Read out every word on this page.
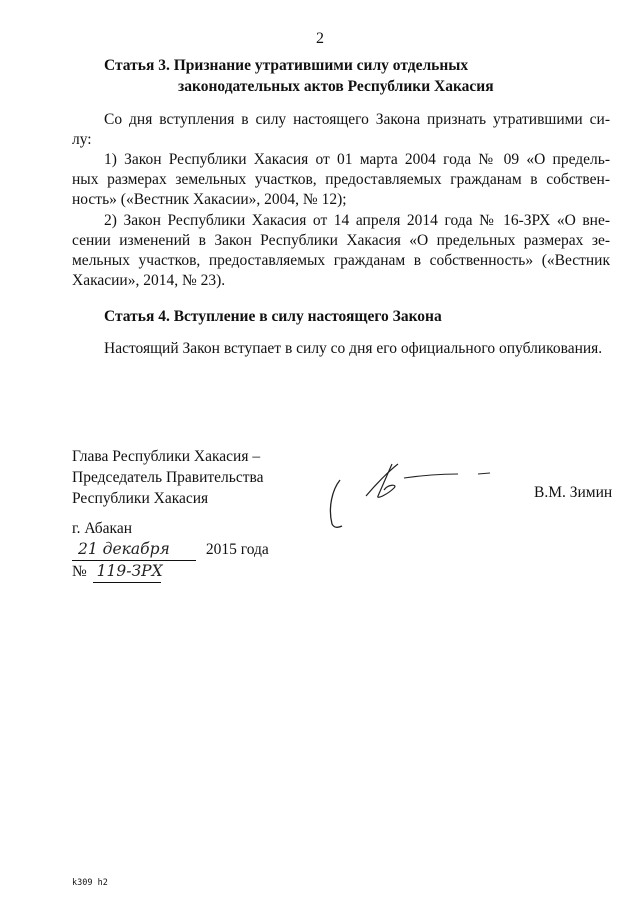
2
Статья 3. Признание утратившими силу отдельных
законодательных актов Республики Хакасия
Со дня вступления в силу настоящего Закона признать утратившими си-
лу:
1) Закон Республики Хакасия от 01 марта 2004 года № 09 «О предель-
ных размерах земельных участков, предоставляемых гражданам в собствен-
ность» («Вестник Хакасии», 2004, № 12);
2) Закон Республики Хакасия от 14 апреля 2014 года № 16-ЗРХ «О вне-
сении изменений в Закон Республики Хакасия «О предельных размерах зе-
мельных участков, предоставляемых гражданам в собственность» («Вестник
Хакасии», 2014, № 23).
Статья 4. Вступление в силу настоящего Закона
Настоящий Закон вступает в силу со дня его официального опубликования.
Глава Республики Хакасия –
Председатель Правительства
Республики Хакасия	В.М. Зимин
г. Абакан
21 декабря 2015 года
№ 119-ЗРХ
k309 h2
